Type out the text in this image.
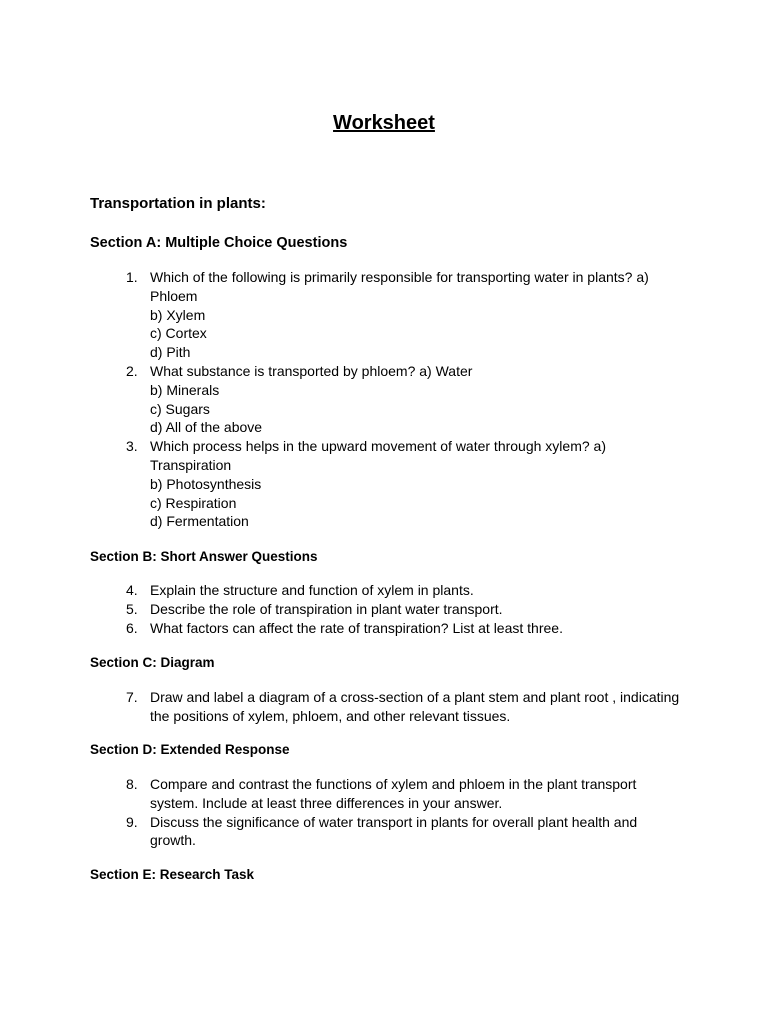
Worksheet
Transportation in plants:
Section A: Multiple Choice Questions
1. Which of the following is primarily responsible for transporting water in plants? a)
Phloem
b) Xylem
c) Cortex
d) Pith
2. What substance is transported by phloem? a) Water
b) Minerals
c) Sugars
d) All of the above
3. Which process helps in the upward movement of water through xylem? a)
Transpiration
b) Photosynthesis
c) Respiration
d) Fermentation
Section B: Short Answer Questions
4. Explain the structure and function of xylem in plants.
5. Describe the role of transpiration in plant water transport.
6. What factors can affect the rate of transpiration? List at least three.
Section C: Diagram
7. Draw and label a diagram of a cross-section of a plant stem and plant root , indicating
the positions of xylem, phloem, and other relevant tissues.
Section D: Extended Response
8. Compare and contrast the functions of xylem and phloem in the plant transport
system. Include at least three differences in your answer.
9. Discuss the significance of water transport in plants for overall plant health and
growth.
Section E: Research Task
